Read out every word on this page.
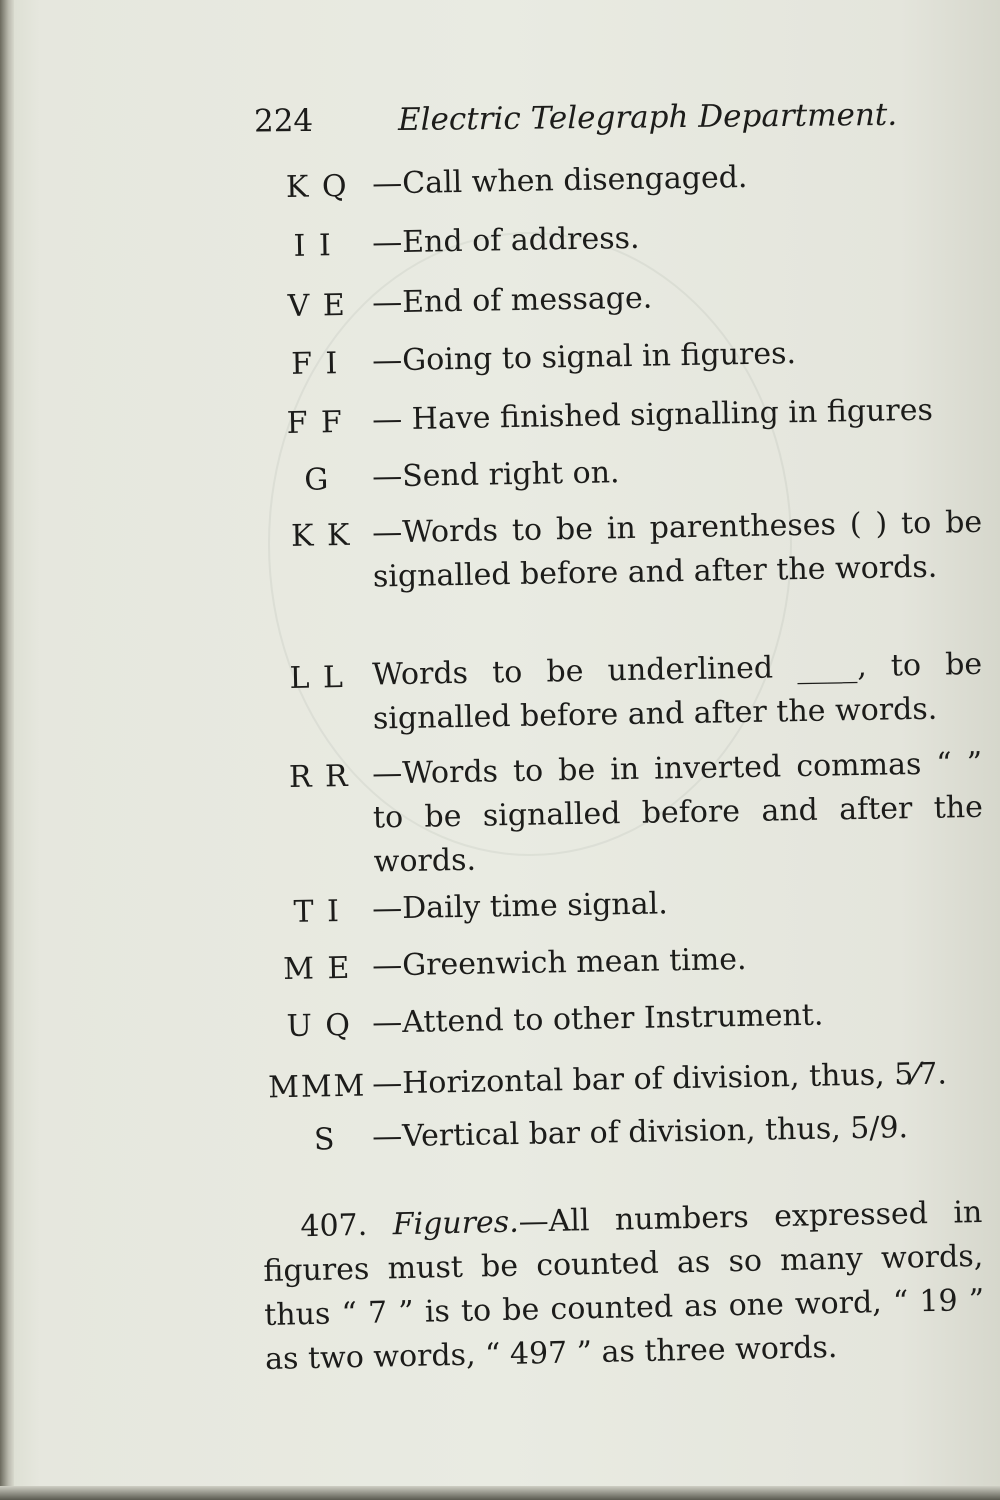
224	Electric Telegraph Department.
K Q —Call when disengaged.
I I	—End of address.
V E —End of message.
F I	—Going to signal in figures.
F F — Have finished signalling in figures
G	—Send right on.
K K —Words to be in parentheses ( ) to be signalled before and after the words.
L L Words to be underlined ____, to be signalled before and after the words.
R R —Words to be in inverted commas “ ” to be signalled before and after the words.
T I	—Daily time signal.
M E —Greenwich mean time.
U Q —Attend to other Instrument.
MMM —Horizontal bar of division, thus, 5⁄7.
S	—Vertical bar of division, thus, 5/9.
407. Figures.—All numbers expressed in figures must be counted as so many words, thus “ 7 ” is to be counted as one word, “ 19 ” as two words, “ 497 ” as three words.
